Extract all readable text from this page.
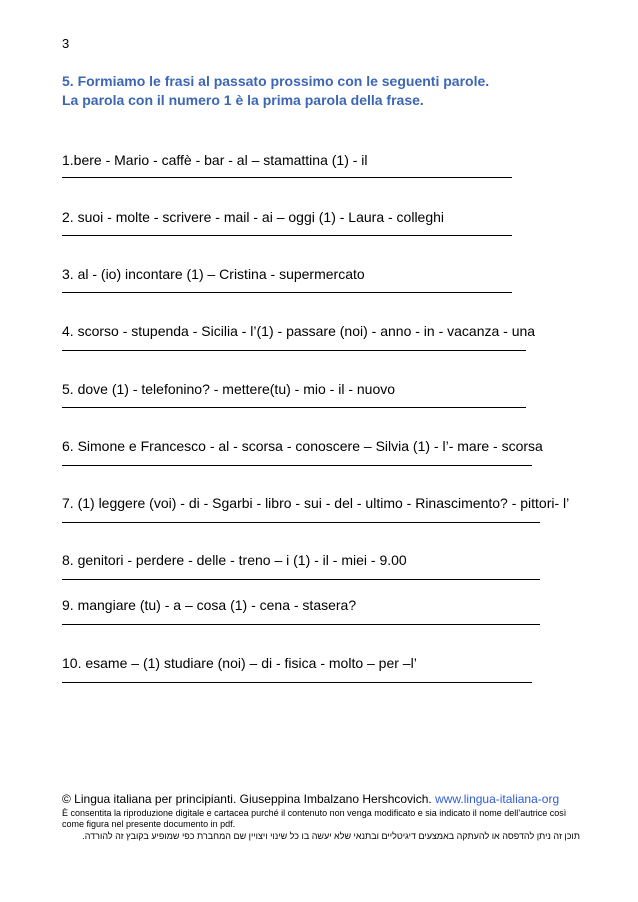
3
5. Formiamo le frasi al passato prossimo con le seguenti parole.
La parola con il numero 1 è la prima parola della frase.
1.bere - Mario - caffè - bar - al – stamattina (1) - il
2. suoi - molte - scrivere - mail - ai – oggi (1) - Laura - colleghi
3. al - (io) incontare (1) – Cristina - supermercato
4. scorso - stupenda - Sicilia - l’(1) - passare (noi) - anno - in - vacanza - una
5. dove (1) - telefonino? - mettere(tu) - mio - il - nuovo
6. Simone e Francesco - al - scorsa - conoscere – Silvia (1) - l’- mare - scorsa
7. (1) leggere (voi) - di - Sgarbi - libro - sui - del - ultimo - Rinascimento? - pittori- l’
8. genitori - perdere - delle - treno – i (1) - il - miei - 9.00
9. mangiare (tu) - a – cosa (1) - cena - stasera?
10. esame – (1) studiare (noi) – di - fisica - molto – per –l’
© Lingua italiana per principianti. Giuseppina Imbalzano Hershcovich. www.lingua-italiana-org
È consentita la riproduzione digitale e cartacea purché il contenuto non venga modificato e sia indicato il nome dell’autrice così come figura nel presente documento in pdf.
תוכן זה ניתן להדפסה או להעתקה באמצעים דיגיטליים ובתנאי שלא יעשה בו כל שינוי ויצויין שם המחברת כפי שמופיע בקובץ זה להורדה.
